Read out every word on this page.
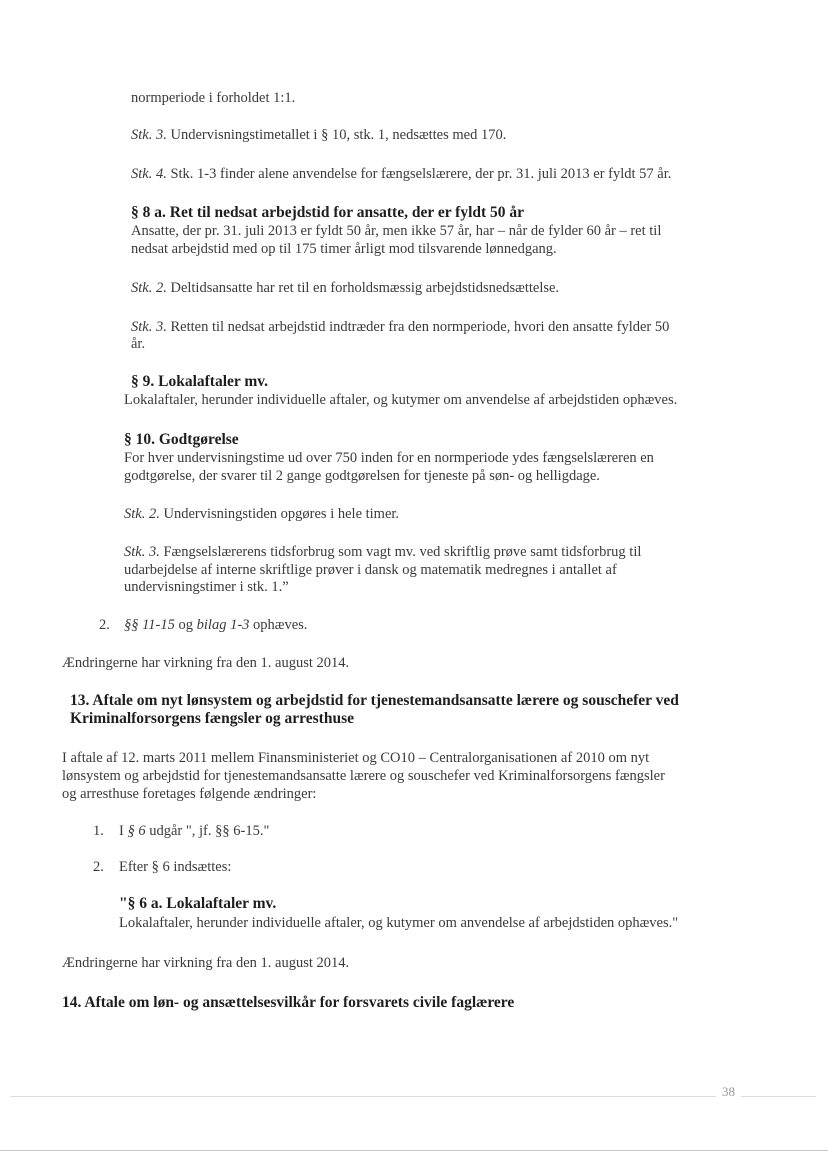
normperiode i forholdet 1:1.
Stk. 3. Undervisningstimetallet i § 10, stk. 1, nedsættes med 170.
Stk. 4. Stk. 1-3 finder alene anvendelse for fængselslærere, der pr. 31. juli 2013 er fyldt 57 år.
§ 8 a. Ret til nedsat arbejdstid for ansatte, der er fyldt 50 år
Ansatte, der pr. 31. juli 2013 er fyldt 50 år, men ikke 57 år, har – når de fylder 60 år – ret til
nedsat arbejdstid med op til 175 timer årligt mod tilsvarende lønnedgang.
Stk. 2. Deltidsansatte har ret til en forholdsmæssig arbejdstidsnedsættelse.
Stk. 3. Retten til nedsat arbejdstid indtræder fra den normperiode, hvori den ansatte fylder 50
år.
§ 9. Lokalaftaler mv.
Lokalaftaler, herunder individuelle aftaler, og kutymer om anvendelse af arbejdstiden ophæves.
§ 10. Godtgørelse
For hver undervisningstime ud over 750 inden for en normperiode ydes fængselslæreren en
godtgørelse, der svarer til 2 gange godtgørelsen for tjeneste på søn- og helligdage.
Stk. 2. Undervisningstiden opgøres i hele timer.
Stk. 3. Fængselslærerens tidsforbrug som vagt mv. ved skriftlig prøve samt tidsforbrug til
udarbejdelse af interne skriftlige prøver i dansk og matematik medregnes i antallet af
undervisningstimer i stk. 1.”
2. §§ 11-15 og bilag 1-3 ophæves.
Ændringerne har virkning fra den 1. august 2014.
13. Aftale om nyt lønsystem og arbejdstid for tjenestemandsansatte lærere og souschefer ved
Kriminalforsorgens fængsler og arresthuse
I aftale af 12. marts 2011 mellem Finansministeriet og CO10 – Centralorganisationen af 2010 om nyt
lønsystem og arbejdstid for tjenestemandsansatte lærere og souschefer ved Kriminalforsorgens fængsler
og arresthuse foretages følgende ændringer:
1. I § 6 udgår ", jf. §§ 6-15."
2. Efter § 6 indsættes:
"§ 6 a. Lokalaftaler mv.
Lokalaftaler, herunder individuelle aftaler, og kutymer om anvendelse af arbejdstiden ophæves."
Ændringerne har virkning fra den 1. august 2014.
14. Aftale om løn- og ansættelsesvilkår for forsvarets civile faglærere
38
